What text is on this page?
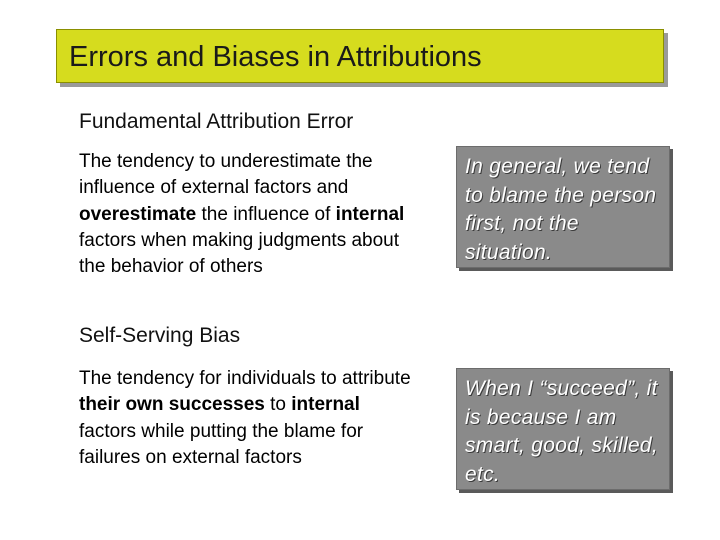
Errors and Biases in Attributions
Fundamental Attribution Error
The tendency to underestimate the influence of external factors and overestimate the influence of internal factors when making judgments about the behavior of others
In general, we tend to blame the person first, not the situation.
Self-Serving Bias
The tendency for individuals to attribute their own successes to internal factors while putting the blame for failures on external factors
When I “succeed”, it is because I am smart, good, skilled, etc.
